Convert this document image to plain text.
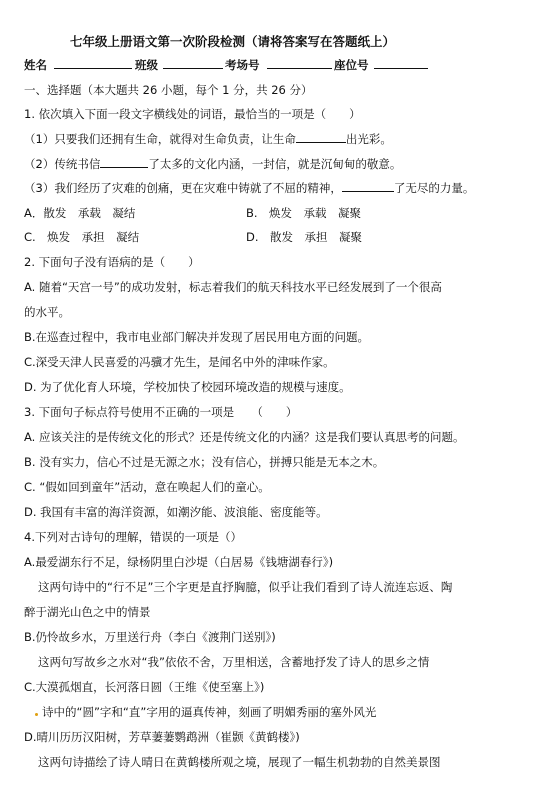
七年级上册语文第一次阶段检测（请将答案写在答题纸上）
姓名	班级	考场号	座位号
一、选择题（本大题共 26 小题，每个 1 分，共 26 分）
1. 依次填入下面一段文字横线处的词语，最恰当的一项是（　　）
（1）只要我们还拥有生命，就得对生命负责，让生命	出光彩。
（2）传统书信	了太多的文化内涵，一封信，就是沉甸甸的敬意。
（3）我们经历了灾难的创痛，更在灾难中铸就了不屈的精神，	了无尽的力量。
A．散发　承载　凝结	B.　焕发　承载　凝聚
C.　焕发　承担　凝结	D.　散发　承担　凝聚
2. 下面句子没有语病的是（　　）
A. 随着“天宫一号”的成功发射，标志着我们的航天科技水平已经发展到了一个很高
的水平。
B.在巡查过程中，我市电业部门解决并发现了居民用电方面的问题。
C.深受天津人民喜爱的冯骥才先生，是闻名中外的津味作家。
D. 为了优化育人环境，学校加快了校园环境改造的规模与速度。
3. 下面句子标点符号使用不正确的一项是　　（　　）
A. 应该关注的是传统文化的形式？还是传统文化的内涵？这是我们要认真思考的问题。
B. 没有实力，信心不过是无源之水；没有信心，拼搏只能是无本之木。
C. “假如回到童年”活动，意在唤起人们的童心。
D. 我国有丰富的海洋资源，如潮汐能、波浪能、密度能等。
4.下列对古诗句的理解，错误的一项是（）
A.最爱湖东行不足，绿杨阴里白沙堤（白居易《钱塘湖春行》)
这两句诗中的“行不足”三个字更是直抒胸臆，似乎让我们看到了诗人流连忘返、陶
醉于湖光山色之中的情景
B.仍怜故乡水，万里送行舟（李白《渡荆门送别》)
这两句写故乡之水对“我”依依不舍，万里相送，含蓄地抒发了诗人的思乡之情
C.大漠孤烟直，长河落日圆（王维《使至塞上》)
诗中的“圆”字和“直”字用的逼真传神，刻画了明媚秀丽的塞外风光
D.晴川历历汉阳树，芳草萋萋鹦鹉洲（崔颢《黄鹤楼》)
这两句诗描绘了诗人晴日在黄鹤楼所观之境，展现了一幅生机勃勃的自然美景图
